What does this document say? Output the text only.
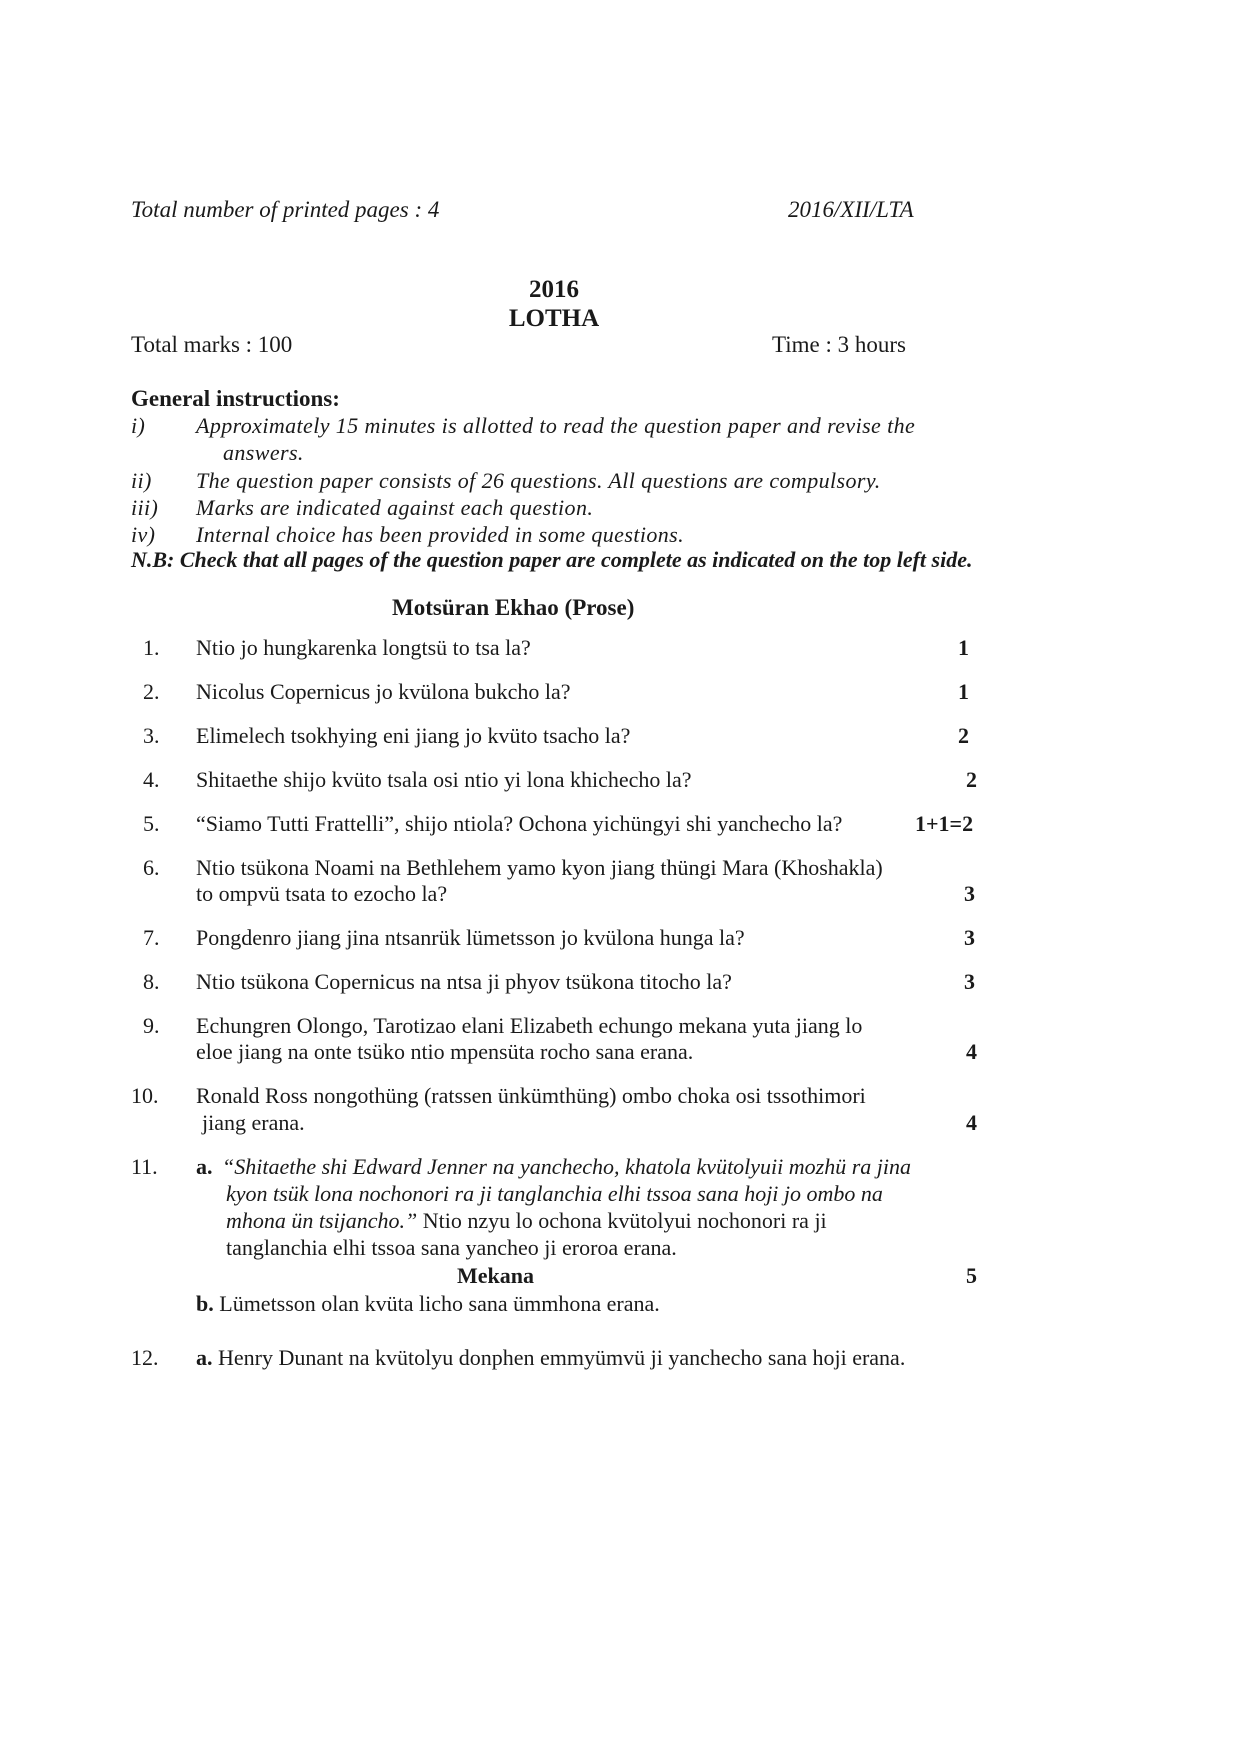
Total number of printed pages : 4	2016/XII/LTA
2016
LOTHA
Total marks : 100	Time : 3 hours
General instructions:
i) Approximately 15 minutes is allotted to read the question paper and revise the
answers.
ii) The question paper consists of 26 questions. All questions are compulsory.
iii) Marks are indicated against each question.
iv) Internal choice has been provided in some questions.
N.B: Check that all pages of the question paper are complete as indicated on the top left side.
Motsüran Ekhao (Prose)
1. Ntio jo hungkarenka longtsü to tsa la?	1
2. Nicolus Copernicus jo kvülona bukcho la?	1
3. Elimelech tsokhying eni jiang jo kvüto tsacho la?	2
4. Shitaethe shijo kvüto tsala osi ntio yi lona khichecho la?	2
5. “Siamo Tutti Frattelli”, shijo ntiola? Ochona yichüngyi shi yanchecho la?	1+1=2
6. Ntio tsükona Noami na Bethlehem yamo kyon jiang thüngi Mara (Khoshakla)
to ompvü tsata to ezocho la?	3
7. Pongdenro jiang jina ntsanrük lümetsson jo kvülona hunga la?	3
8. Ntio tsükona Copernicus na ntsa ji phyov tsükona titocho la?	3
9. Echungren Olongo, Tarotizao elani Elizabeth echungo mekana yuta jiang lo
eloe jiang na onte tsüko ntio mpensüta rocho sana erana.	4
10. Ronald Ross nongothüng (ratssen ünkümthüng) ombo choka osi tssothimori
jiang erana.	4
11. a. “Shitaethe shi Edward Jenner na yanchecho, khatola kvütolyuii mozhü ra jina
kyon tsük lona nochonori ra ji tanglanchia elhi tssoa sana hoji jo ombo na
mhona ün tsijancho.” Ntio nzyu lo ochona kvütolyui nochonori ra ji
tanglanchia elhi tssoa sana yancheo ji eroroa erana.
Mekana	5
b. Lümetsson olan kvüta licho sana ümmhona erana.
12. a. Henry Dunant na kvütolyu donphen emmyümvü ji yanchecho sana hoji erana.
